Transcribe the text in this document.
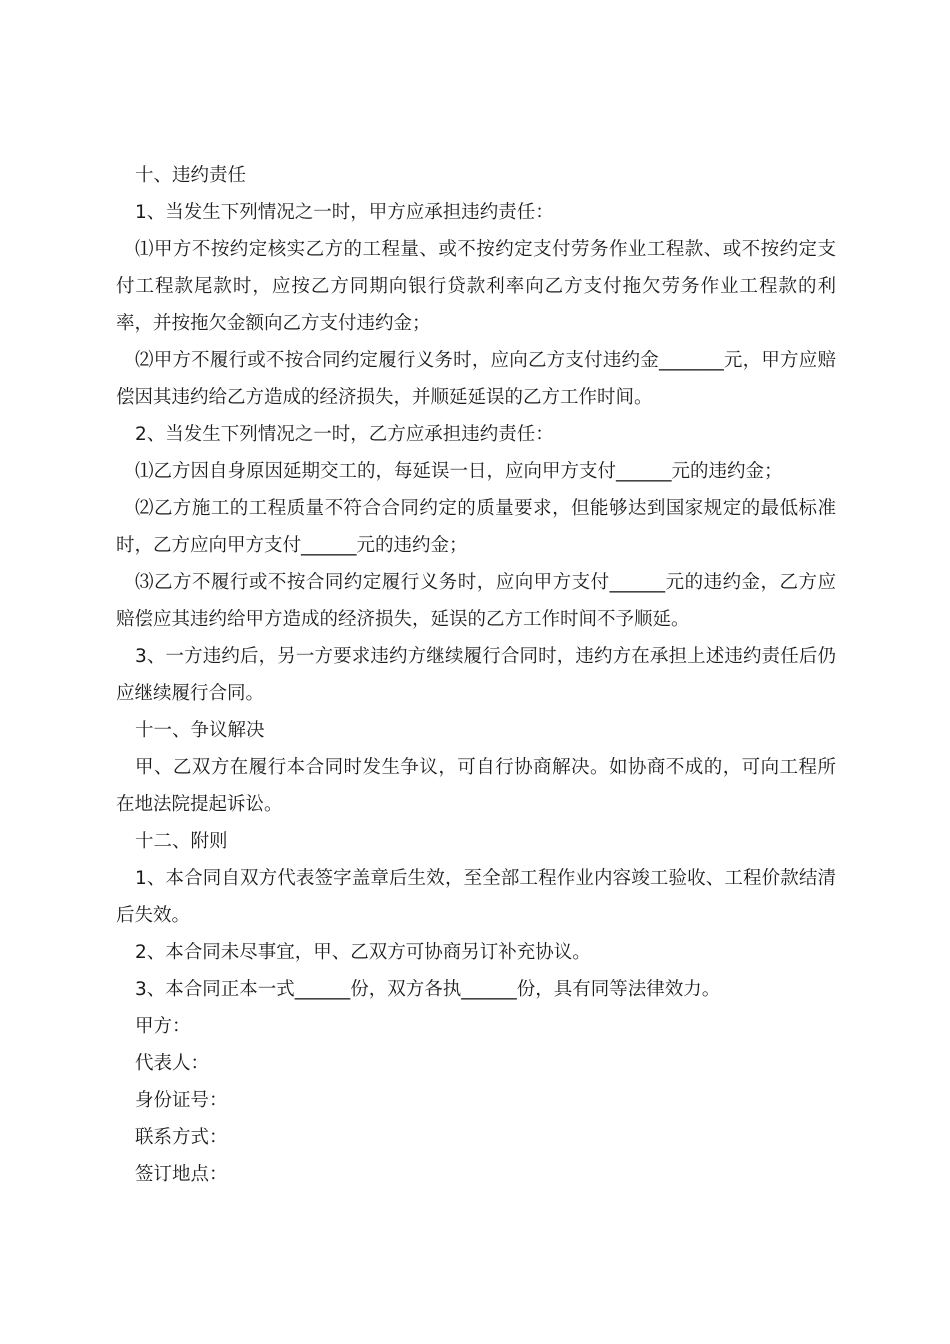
十、违约责任

1、当发生下列情况之一时，甲方应承担违约责任：

⑴甲方不按约定核实乙方的工程量、或不按约定支付劳务作业工程款、或不按约定支付工程款尾款时，应按乙方同期向银行贷款利率向乙方支付拖欠劳务作业工程款的利率，并按拖欠金额向乙方支付违约金；

⑵甲方不履行或不按合同约定履行义务时，应向乙方支付违约金_______元，甲方应赔偿因其违约给乙方造成的经济损失，并顺延延误的乙方工作时间。

2、当发生下列情况之一时，乙方应承担违约责任：

⑴乙方因自身原因延期交工的，每延误一日，应向甲方支付______元的违约金；

⑵乙方施工的工程质量不符合合同约定的质量要求，但能够达到国家规定的最低标准时，乙方应向甲方支付______元的违约金；

⑶乙方不履行或不按合同约定履行义务时，应向甲方支付______元的违约金，乙方应赔偿应其违约给甲方造成的经济损失，延误的乙方工作时间不予顺延。

3、一方违约后，另一方要求违约方继续履行合同时，违约方在承担上述违约责任后仍应继续履行合同。

十一、争议解决

甲、乙双方在履行本合同时发生争议，可自行协商解决。如协商不成的，可向工程所在地法院提起诉讼。

十二、附则

1、本合同自双方代表签字盖章后生效，至全部工程作业内容竣工验收、工程价款结清后失效。

2、本合同未尽事宜，甲、乙双方可协商另订补充协议。

3、本合同正本一式______份，双方各执______份，具有同等法律效力。

甲方：

代表人：

身份证号：

联系方式：

签订地点：
